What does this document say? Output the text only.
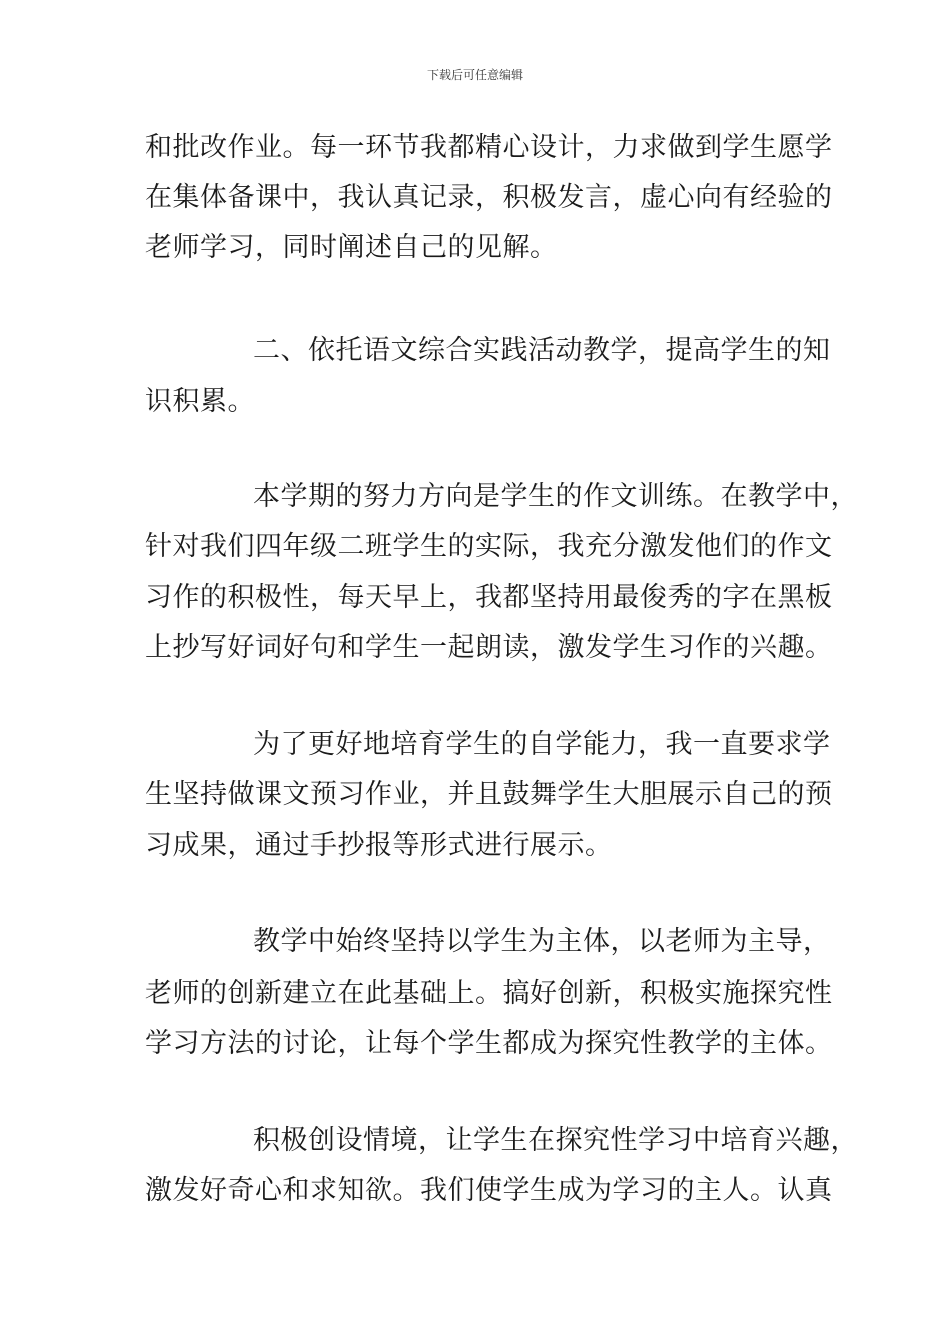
下载后可任意编辑
和批改作业。每一环节我都精心设计，力求做到学生愿学
在集体备课中，我认真记录，积极发言，虚心向有经验的
老师学习，同时阐述自己的见解。
二、依托语文综合实践活动教学，提高学生的知
识积累。
本学期的努力方向是学生的作文训练。在教学中，
针对我们四年级二班学生的实际，我充分激发他们的作文
习作的积极性，每天早上，我都坚持用最俊秀的字在黑板
上抄写好词好句和学生一起朗读，激发学生习作的兴趣。
为了更好地培育学生的自学能力，我一直要求学
生坚持做课文预习作业，并且鼓舞学生大胆展示自己的预
习成果，通过手抄报等形式进行展示。
教学中始终坚持以学生为主体，以老师为主导，
老师的创新建立在此基础上。搞好创新，积极实施探究性
学习方法的讨论，让每个学生都成为探究性教学的主体。
积极创设情境，让学生在探究性学习中培育兴趣，
激发好奇心和求知欲。我们使学生成为学习的主人。认真
